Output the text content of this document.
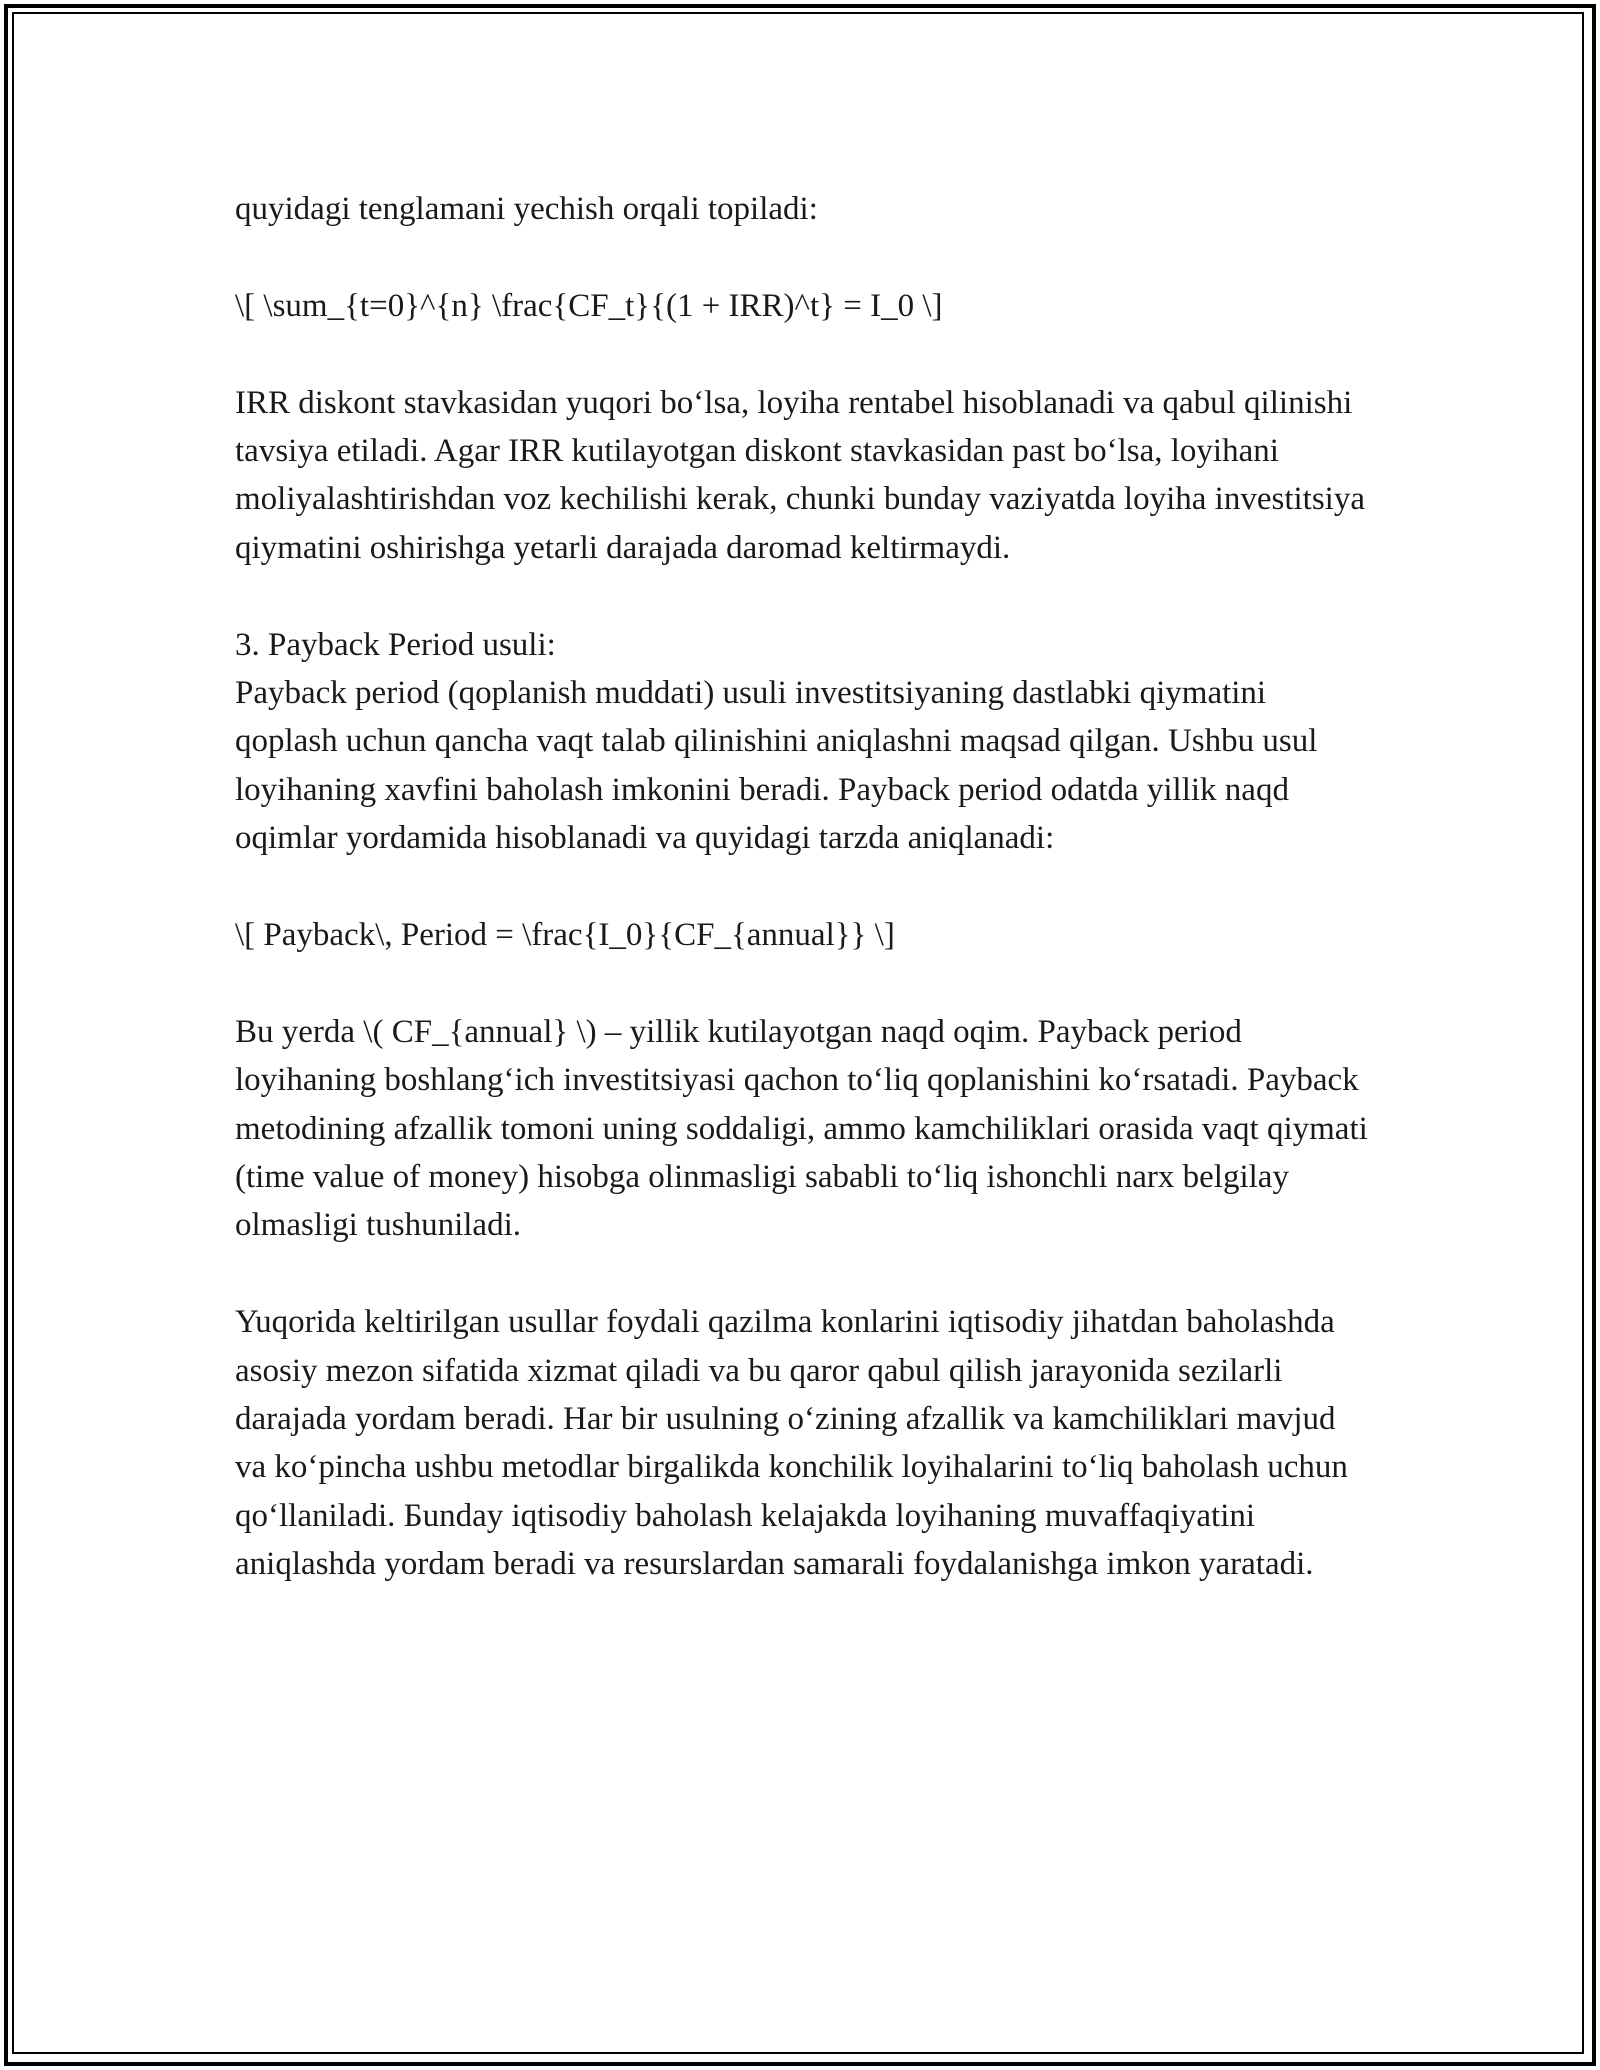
quyidagi tenglamani yechish orqali topiladi:

\[ \sum_{t=0}^{n} \frac{CF_t}{(1 + IRR)^t} = I_0 \]

IRR diskont stavkasidan yuqori bo‘lsa, loyiha rentabel hisoblanadi va qabul qilinishi tavsiya etiladi. Agar IRR kutilayotgan diskont stavkasidan past bo‘lsa, loyihani moliyalashtirishdan voz kechilishi kerak, chunki bunday vaziyatda loyiha investitsiya qiymatini oshirishga yetarli darajada daromad keltirmaydi.

3. Payback Period usuli:

Payback period (qoplanish muddati) usuli investitsiyaning dastlabki qiymatini qoplash uchun qancha vaqt talab qilinishini aniqlashni maqsad qilgan. Ushbu usul loyihaning xavfini baholash imkonini beradi. Payback period odatda yillik naqd oqimlar yordamida hisoblanadi va quyidagi tarzda aniqlanadi:

\[ Payback\, Period = \frac{I_0}{CF_{annual}} \]

Bu yerda \( CF_{annual} \) – yillik kutilayotgan naqd oqim. Payback period loyihaning boshlang‘ich investitsiyasi qachon to‘liq qoplanishini ko‘rsatadi. Payback metodining afzallik tomoni uning soddaligi, ammo kamchiliklari orasida vaqt qiymati (time value of money) hisobga olinmasligi sababli to‘liq ishonchli narx belgilay olmasligi tushuniladi.

Yuqorida keltirilgan usullar foydali qazilma konlarini iqtisodiy jihatdan baholashda asosiy mezon sifatida xizmat qiladi va bu qaror qabul qilish jarayonida sezilarli darajada yordam beradi. Har bir usulning o‘zining afzallik va kamchiliklari mavjud va ko‘pincha ushbu metodlar birgalikda konchilik loyihalarini to‘liq baholash uchun qo‘llaniladi. Бunday iqtisodiy baholash kelajakda loyihaning muvaffaqiyatini aniqlashda yordam beradi va resurslardan samarali foydalanishga imkon yaratadi.
